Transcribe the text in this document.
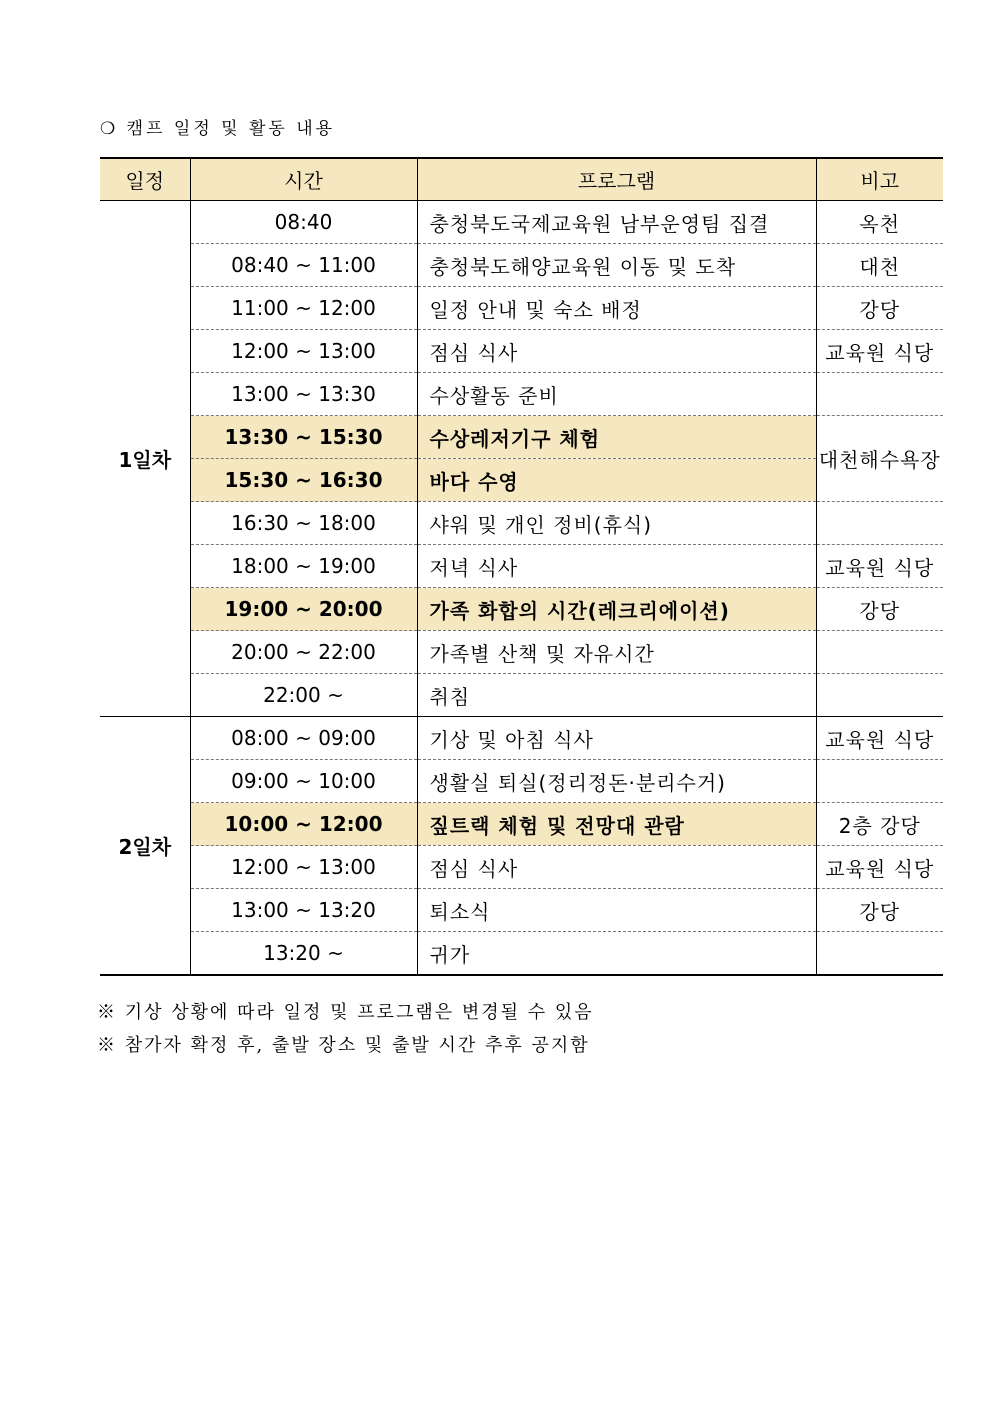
❍ 캠프 일정 및 활동 내용
일정	시간	프로그램	비고
1일차	08:40	충청북도국제교육원 남부운영팀 집결	옥천
	08:40 ~ 11:00	충청북도해양교육원 이동 및 도착	대천
	11:00 ~ 12:00	일정 안내 및 숙소 배정	강당
	12:00 ~ 13:00	점심 식사	교육원 식당
	13:00 ~ 13:30	수상활동 준비	
	13:30 ~ 15:30	수상레저기구 체험	대천해수욕장
	15:30 ~ 16:30	바다 수영	
	16:30 ~ 18:00	샤워 및 개인 정비(휴식)	
	18:00 ~ 19:00	저녁 식사	교육원 식당
	19:00 ~ 20:00	가족 화합의 시간(레크리에이션)	강당
	20:00 ~ 22:00	가족별 산책 및 자유시간	
	22:00 ~	취침	
2일차	08:00 ~ 09:00	기상 및 아침 식사	교육원 식당
	09:00 ~ 10:00	생활실 퇴실(정리정돈·분리수거)	
	10:00 ~ 12:00	짚트랙 체험 및 전망대 관람	2층 강당
	12:00 ~ 13:00	점심 식사	교육원 식당
	13:00 ~ 13:20	퇴소식	강당
	13:20 ~	귀가	
※ 기상 상황에 따라 일정 및 프로그램은 변경될 수 있음
※ 참가자 확정 후, 출발 장소 및 출발 시간 추후 공지함
